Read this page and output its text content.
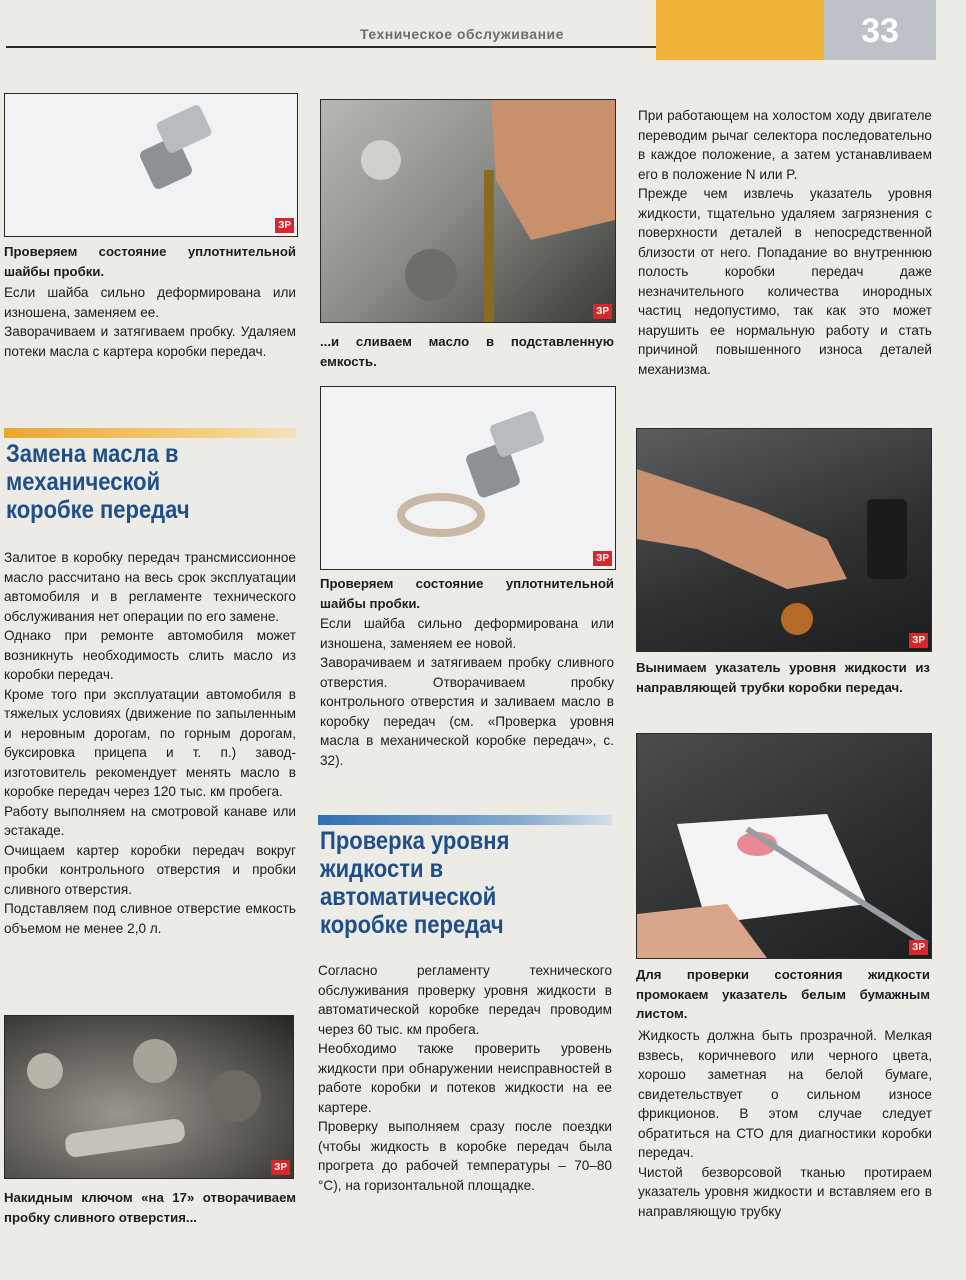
Техническое обслуживание	33
ЗР
Проверяем состояние уплотнительной шайбы пробки.

Если шайба сильно деформирована или изношена, заменяем ее.

Заворачиваем и затягиваем пробку. Удаляем потеки масла с картера коробки передач.

Замена масла в механической коробке передач

Залитое в коробку передач трансмиссионное масло рассчитано на весь срок эксплуатации автомобиля и в регламенте технического обслуживания нет операции по его замене.

Однако при ремонте автомобиля может возникнуть необходимость слить масло из коробки передач.

Кроме того при эксплуатации автомобиля в тяжелых условиях (движение по запыленным и неровным дорогам, по горным дорогам, буксировка прицепа и т. п.) завод-изготовитель рекомендует менять масло в коробке передач через 120 тыс. км пробега.

Работу выполняем на смотровой канаве или эстакаде.

Очищаем картер коробки передач вокруг пробки контрольного отверстия и пробки сливного отверстия.

Подставляем под сливное отверстие емкость объемом не менее 2,0 л.

ЗР
Накидным ключом «на 17» отворачиваем пробку сливного отверстия...
ЗР
...и сливаем масло в подставленную емкость.
ЗР
Проверяем состояние уплотнительной шайбы пробки.

Если шайба сильно деформирована или изношена, заменяем ее новой.

Заворачиваем и затягиваем пробку сливного отверстия. Отворачиваем пробку контрольного отверстия и заливаем масло в коробку передач (см. «Проверка уровня масла в механической коробке передач», с. 32).

Проверка уровня жидкости в автоматической коробке передач

Согласно регламенту технического обслуживания проверку уровня жидкости в автоматической коробке передач проводим через 60 тыс. км пробега.

Необходимо также проверить уровень жидкости при обнаружении неисправностей в работе коробки и потеков жидкости на ее картере.

Проверку выполняем сразу после поездки (чтобы жидкость в коробке передач была прогрета до рабочей температуры – 70–80 °С), на горизонтальной площадке.

При работающем на холостом ходу двигателе переводим рычаг селектора последовательно в каждое положение, а затем устанавливаем его в положение N или P.

Прежде чем извлечь указатель уровня жидкости, тщательно удаляем загрязнения с поверхности деталей в непосредственной близости от него. Попадание во внутреннюю полость коробки передач даже незначительного количества инородных частиц недопустимо, так как это может нарушить ее нормальную работу и стать причиной повышенного износа деталей механизма.

ЗР
Вынимаем указатель уровня жидкости из направляющей трубки коробки передач.
ЗР
Для проверки состояния жидкости промокаем указатель белым бумажным листом.

Жидкость должна быть прозрачной. Мелкая взвесь, коричневого или черного цвета, хорошо заметная на белой бумаге, свидетельствует о сильном износе фрикционов. В этом случае следует обратиться на СТО для диагностики коробки передач.

Чистой безворсовой тканью протираем указатель уровня жидкости и вставляем его в направляющую трубку
